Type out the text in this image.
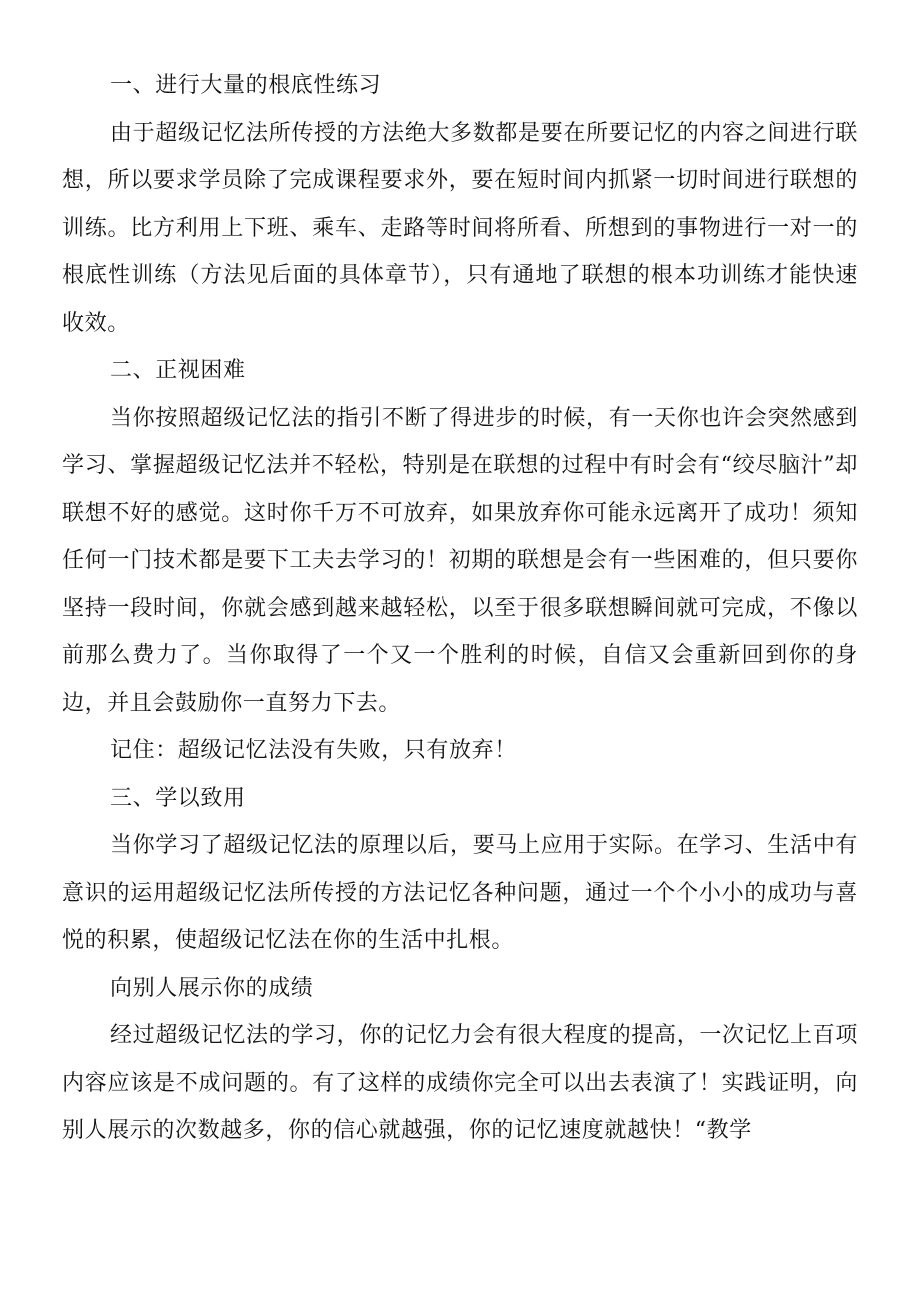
一、进行大量的根底性练习

由于超级记忆法所传授的方法绝大多数都是要在所要记忆的内容之间进行联想，所以要求学员除了完成课程要求外，要在短时间内抓紧一切时间进行联想的训练。比方利用上下班、乘车、走路等时间将所看、所想到的事物进行一对一的根底性训练（方法见后面的具体章节），只有通地了联想的根本功训练才能快速收效。

二、正视困难

当你按照超级记忆法的指引不断了得进步的时候，有一天你也许会突然感到学习、掌握超级记忆法并不轻松，特别是在联想的过程中有时会有“绞尽脑汁”却联想不好的感觉。这时你千万不可放弃，如果放弃你可能永远离开了成功！须知任何一门技术都是要下工夫去学习的！初期的联想是会有一些困难的，但只要你坚持一段时间，你就会感到越来越轻松，以至于很多联想瞬间就可完成，不像以前那么费力了。当你取得了一个又一个胜利的时候，自信又会重新回到你的身边，并且会鼓励你一直努力下去。

记住：超级记忆法没有失败，只有放弃！

三、学以致用

当你学习了超级记忆法的原理以后，要马上应用于实际。在学习、生活中有意识的运用超级记忆法所传授的方法记忆各种问题，通过一个个小小的成功与喜悦的积累，使超级记忆法在你的生活中扎根。

向别人展示你的成绩

经过超级记忆法的学习，你的记忆力会有很大程度的提高，一次记忆上百项内容应该是不成问题的。有了这样的成绩你完全可以出去表演了！实践证明，向别人展示的次数越多，你的信心就越强，你的记忆速度就越快！“教学
